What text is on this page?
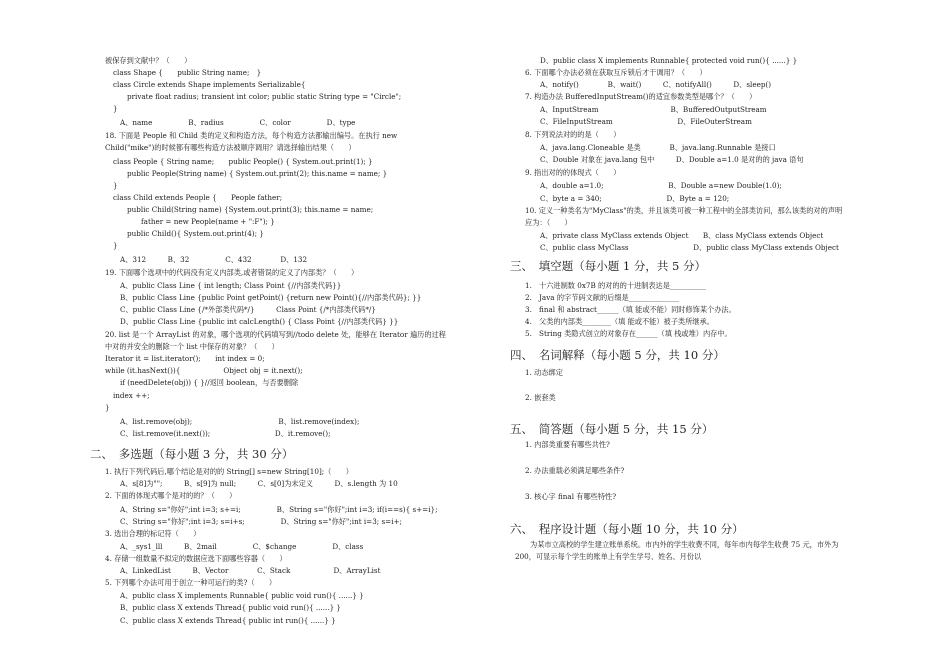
被保存到文献中？（　　）
class Shape {　　public String name;　}
class Circle extends Shape implements Serializable{
private float radius; transient int color; public static String type = "Circle";
}
A、name　　　　　B、radius　　　　　C、color　　　　　D、type
18. 下面是 People 和 Child 类的定义和构造方法，每个构造方法都输出编号。在执行 new
Child("mike")的时候都有哪些构造方法被顺序调用？请选择输出结果（　　）
class People { String name;　　public People() { System.out.print(1); }
public People(String name) { System.out.print(2); this.name = name; }
}
class Child extends People {　　People father;
public Child(String name) {System.out.print(3); this.name = name;
father = new People(name + ":F"); }
public Child(){ System.out.print(4); }
}
A、312　　　B、32　　　　　C、432　　　　D、132
19. 下面哪个选项中的代码没有定义内部类,或者错误的定义了内部类？（　　）
A、public Class Line { int length; Class Point {//内部类代码}}
B、public Class Line {public Point getPoint() {return new Point(){//内部类代码}; }}
C、public Class Line {/*外部类代码*/}　　　Class Point {/*内部类代码*/}
D、public Class Line {public int calcLength() { Class Point {//内部类代码} }}
20. list 是一个 ArrayList 的对象，哪个选项的代码填写到//todo delete 处，能够在 Iterator 遍历的过程
中对的并安全的删除一个 list 中保存的对象？（　　）
Iterator it = list.iterator();　　int index = 0;
while (it.hasNext()){　　　　　　Object obj = it.next();
if (needDelete(obj)) { }//返回 boolean，与否要删除
index ++;
}
A、list.remove(obj);　　　　　　　　　　　　B、list.remove(index);
C、list.remove(it.next());　　　　　　　　　D、it.remove();
二、　多选题（每小题 3 分，共 30 分）
1. 执行下列代码后,哪个结论是对的的 String[] s=new String[10];（　　）
A、s[8]为"";　　　B、s[9]为 null;　　　C、s[0]为未定义　　　D、s.length 为 10
2. 下面的体现式哪个是对的的？（　　）
A、String s="你好";int i=3; s+=i;　　　　　B、String s="你好";int i=3; if(i==s){ s+=i};
C、String s="你好";int i=3; s=i+s;　　　　　D、String s="你好";int i=3; s=i+;
3. 选出合理的标记符（　　）
A、_sys1_lll　　　B、2mail　　　　　C、$change　　　　　D、class
4. 存储一组数量不拟定的数据应选下面哪些容器（　　）
A、LinkedList　　　B、Vector　　　　C、Stack　　　　　　D、ArrayList
5. 下列哪个办法可用于创立一种可运行的类?（　　）
A、public class X implements Runnable{ public void run(){ ......} }
B、public class X extends Thread{ public void run(){ ......} }
C、public class X extends Thread{ public int run(){ ......} }
D、public class X implements Runnable{ protected void run(){ ......} }
6. 下面哪个办法必须在获取互斥锁后才干调用？（　　）
A、notify()　　　　B、wait()　　　C、notifyAll()　　　D、sleep()
7. 构造办法 BufferedInputStream()的适宜参数类型是哪个？（　　）
A、InputStream　　　　　　　　　　B、BufferedOutputStream
C、FileInputStream　　　　　　　　　D、FileOuterStream
8. 下列说法对的的是（　　）
A、java.lang.Cloneable 是类　　　　B、java.lang.Runnable 是接口
C、Double 对象在 java.lang 包中　　　D、Double a=1.0 是对的的 java 语句
9. 指出对的的体现式（　　）
A、double a=1.0;　　　　　　　　　B、Double a=new Double(1.0);
C、byte a = 340;　　　　　　　　　D、Byte a = 120;
10. 定义一种类名为"MyClass"的类，并且该类可被一种工程中的全部类访问，那么该类的对的声明
应为：（　　）
A、private class MyClass extends Object　　B、class MyClass extends Object
C、public class MyClass　　　　　　　　　D、public class MyClass extends Object
三、　填空题（每小题 1 分，共 5 分）
1.　十六进制数 0x7B 的对的的十进制表达是__________
2.　Java 的字节码文献的后缀是______________
3.　final 和 abstract______（填 能或不能）同时修饰某个办法。
4.　父类的内部类________（填 能或不能）被子类所继承。
5.　String 类隐式创立的对象存在______（填 栈或堆）内存中。
四、　名词解释（每小题 5 分，共 10 分）
1. 动态绑定
2. 嵌套类
五、　简答题（每小题 5 分，共 15 分）
1. 内部类重要有哪些共性?
2. 办法重载必须满足哪些条件?
3. 核心字 final 有哪些特性?
六、　程序设计题（每小题 10 分，共 10 分）
为某市立高校的学生建立账单系统。市内外的学生收费不同，每年市内每学生收费 75 元，市外为
200，可显示每个学生的账单上有学生学号、姓名、月份以
